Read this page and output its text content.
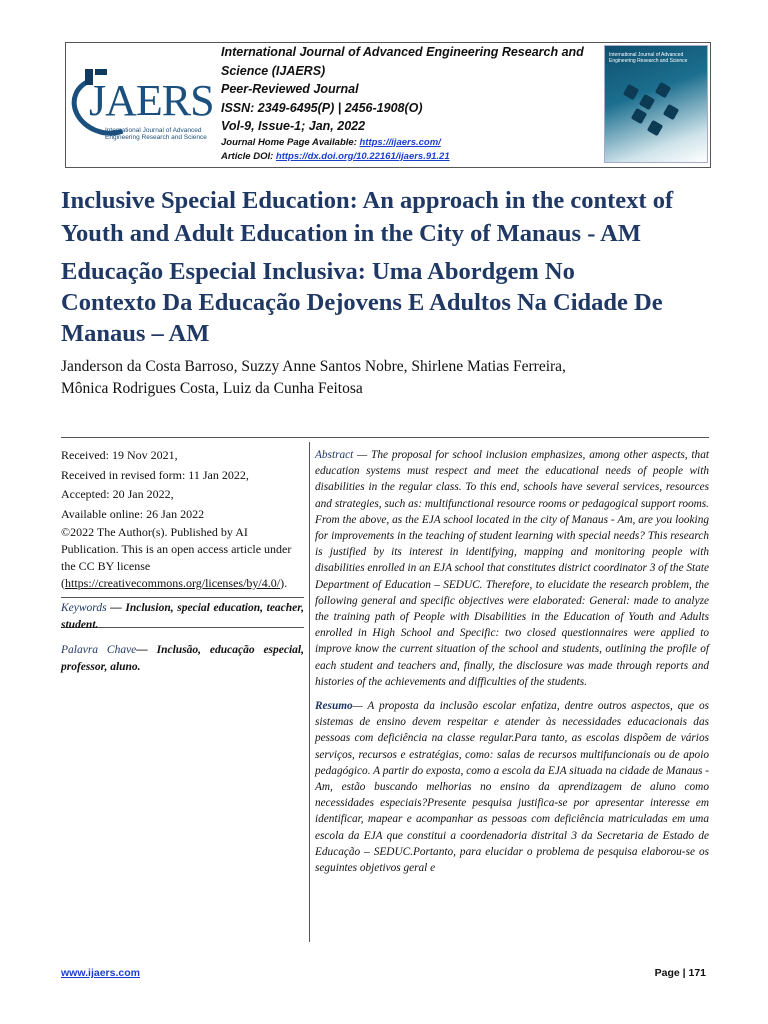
JAERS
International Journal of Advanced Engineering Research and Science
International Journal of Advanced Engineering Research and
Science (IJAERS)
Peer-Reviewed Journal
ISSN: 2349-6495(P) | 2456-1908(O)
Vol-9, Issue-1; Jan, 2022
Journal Home Page Available: https://ijaers.com/
Article DOI: https://dx.doi.org/10.22161/ijaers.91.21
International Journal of Advanced Engineering Research and Science
Inclusive Special Education: An approach in the context of
Youth and Adult Education in the City of Manaus - AM
Educação Especial Inclusiva: Uma Abordgem No
Contexto Da Educação Dejovens E Adultos Na Cidade De
Manaus – AM
Janderson da Costa Barroso, Suzzy Anne Santos Nobre, Shirlene Matias Ferreira,
Mônica Rodrigues Costa, Luiz da Cunha Feitosa

Received: 19 Nov 2021,

Received in revised form: 11 Jan 2022,

Accepted: 20 Jan 2022,

Available online: 26 Jan 2022

©2022 The Author(s). Published by AI Publication. This is an open access article under the CC BY license
(https://creativecommons.org/licenses/by/4.0/).

Keywords — Inclusion, special education, teacher, student.

Palavra Chave— Inclusão, educação especial, professor, aluno.

Abstract — The proposal for school inclusion emphasizes, among other aspects, that education systems must respect and meet the educational needs of people with disabilities in the regular class. To this end, schools have several services, resources and strategies, such as: multifunctional resource rooms or pedagogical support rooms. From the above, as the EJA school located in the city of Manaus - Am, are you looking for improvements in the teaching of student learning with special needs? This research is justified by its interest in identifying, mapping and monitoring people with disabilities enrolled in an EJA school that constitutes district coordinator 3 of the State Department of Education – SEDUC. Therefore, to elucidate the research problem, the following general and specific objectives were elaborated: General: made to analyze the training path of People with Disabilities in the Education of Youth and Adults enrolled in High School and Specific: two closed questionnaires were applied to improve know the current situation of the school and students, outlining the profile of each student and teachers and, finally, the disclosure was made through reports and histories of the achievements and difficulties of the students.

Resumo— A proposta da inclusão escolar enfatiza, dentre outros aspectos, que os sistemas de ensino devem respeitar e atender às necessidades educacionais das pessoas com deficiência na classe regular.Para tanto, as escolas dispõem de vários serviços, recursos e estratégias, como: salas de recursos multifuncionais ou de apoio pedagógico. A partir do exposta, como a escola da EJA situada na cidade de Manaus - Am, estão buscando melhorias no ensino da aprendizagem de aluno como necessidades especiais?Presente pesquisa justifica-se por apresentar interesse em identificar, mapear e acompanhar as pessoas com deficiência matriculadas em uma escola da EJA que constitui a coordenadoria distrital 3 da Secretaria de Estado de Educação – SEDUC.Portanto, para elucidar o problema de pesquisa elaborou-se os seguintes objetivos geral e

www.ijaers.com	Page | 171
